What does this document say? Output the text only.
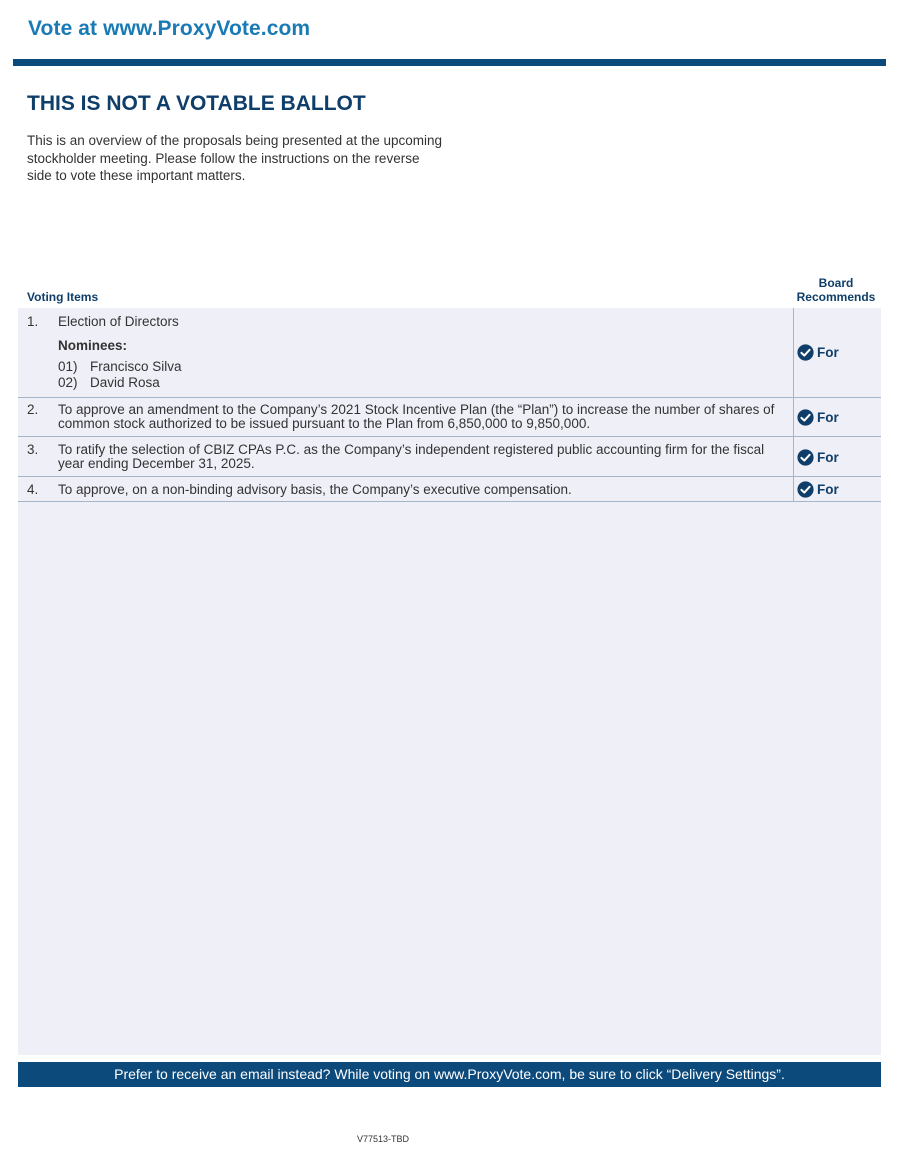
Vote at www.ProxyVote.com
THIS IS NOT A VOTABLE BALLOT

This is an overview of the proposals being presented at the upcoming stockholder meeting. Please follow the instructions on the reverse side to vote these important matters.

Voting Items
Board
Recommends
1. Election of Directors
Nominees:
01) Francisco Silva
02) David Rosa
For
2. To approve an amendment to the Company’s 2021 Stock Incentive Plan (the “Plan”) to increase the number of shares of common stock authorized to be issued pursuant to the Plan from 6,850,000 to 9,850,000.	For
3. To ratify the selection of CBIZ CPAs P.C. as the Company’s independent registered public accounting firm for the fiscal year ending December 31, 2025.	For
4. To approve, on a non-binding advisory basis, the Company’s executive compensation.	For
Prefer to receive an email instead? While voting on www.ProxyVote.com, be sure to click “Delivery Settings”.
V77513-TBD
